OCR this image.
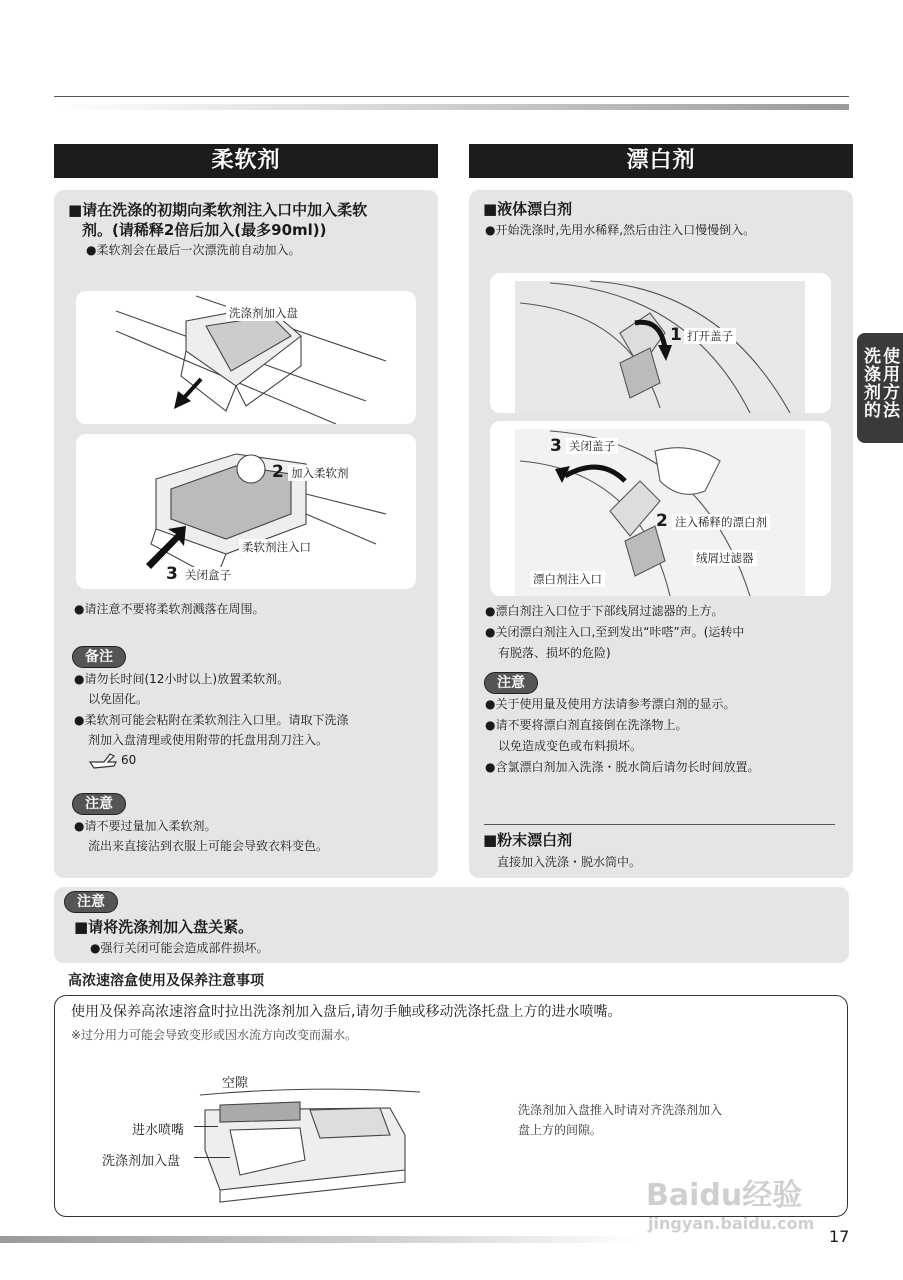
柔软剂
■请在洗涤的初期向柔软剂注入口中加入柔软
剂。(请稀释2倍后加入(最多90ml))
●柔软剂会在最后一次漂洗前自动加入。
洗涤剂加入盘
2 加入柔软剂
柔软剂注入口
3 关闭盒子
●请注意不要将柔软剂溅落在周围。
备注
●请勿长时间(12小时以上)放置柔软剂。
以免固化。
●柔软剂可能会粘附在柔软剂注入口里。请取下洗涤
剂加入盘清理或使用附带的托盘用刮刀注入。
60
注意
●请不要过量加入柔软剂。
流出来直接沾到衣服上可能会导致衣料变色。
漂白剂
■液体漂白剂
●开始洗涤时,先用水稀释,然后由注入口慢慢倒入。
1 打开盖子
3 关闭盖子
2 注入稀释的漂白剂
绒屑过滤器
漂白剂注入口
●漂白剂注入口位于下部线屑过滤器的上方。
●关闭漂白剂注入口,至到发出“咔嗒”声。(运转中
有脱落、损坏的危险)
注意
●关于使用量及使用方法请参考漂白剂的显示。
●请不要将漂白剂直接倒在洗涤物上。
以免造成变色或布料损坏。
●含氯漂白剂加入洗涤・脱水筒后请勿长时间放置。
■粉末漂白剂
直接加入洗涤・脱水筒中。
洗涤剂的 使用方法
注意
■请将洗涤剂加入盘关紧。
●强行关闭可能会造成部件损坏。
高浓速溶盒使用及保养注意事项
使用及保养高浓速溶盒时拉出洗涤剂加入盘后,请勿手触或移动洗涤托盘上方的进水喷嘴。
※过分用力可能会导致变形或因水流方向改变而漏水。
空隙
进水喷嘴
洗涤剂加入盘
洗涤剂加入盘推入时请对齐洗涤剂加入
盘上方的间隙。
Baidu经验
jingyan.baidu.com
17
